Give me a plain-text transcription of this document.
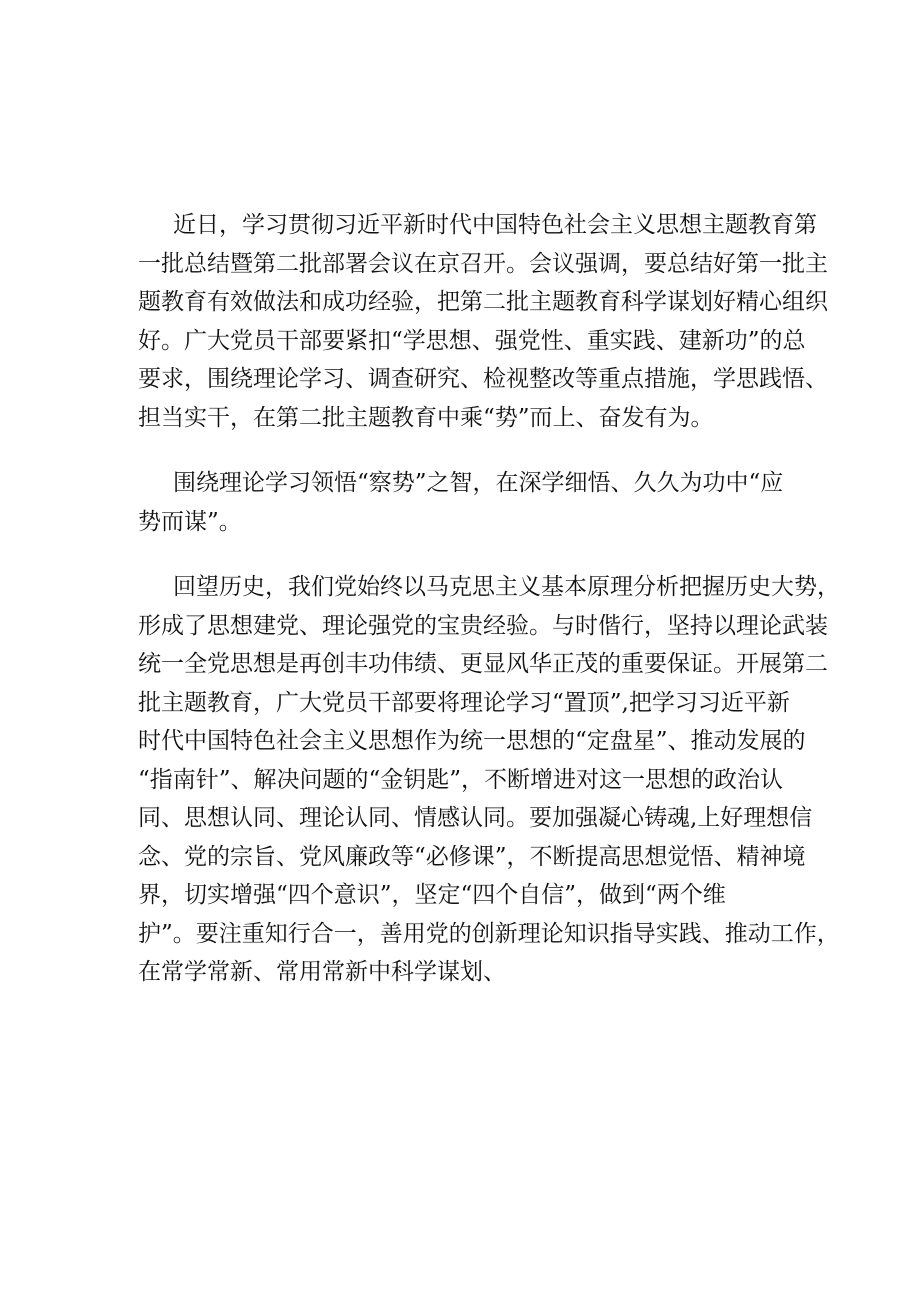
近日，学习贯彻习近平新时代中国特色社会主义思想主题教育第
一批总结暨第二批部署会议在京召开。会议强调，要总结好第一批主
题教育有效做法和成功经验，把第二批主题教育科学谋划好精心组织
好。广大党员干部要紧扣“学思想、强党性、重实践、建新功”的总
要求，围绕理论学习、调查研究、检视整改等重点措施，学思践悟、
担当实干，在第二批主题教育中乘“势”而上、奋发有为。
围绕理论学习领悟“察势”之智，在深学细悟、久久为功中“应
势而谋”。
回望历史，我们党始终以马克思主义基本原理分析把握历史大势，
形成了思想建党、理论强党的宝贵经验。与时偕行，坚持以理论武装
统一全党思想是再创丰功伟绩、更显风华正茂的重要保证。开展第二
批主题教育，广大党员干部要将理论学习“置顶”,把学习习近平新
时代中国特色社会主义思想作为统一思想的“定盘星”、推动发展的
“指南针”、解决问题的“金钥匙”，不断增进对这一思想的政治认
同、思想认同、理论认同、情感认同。要加强凝心铸魂,上好理想信
念、党的宗旨、党风廉政等“必修课”，不断提高思想觉悟、精神境
界，切实增强“四个意识”，坚定“四个自信”，做到“两个维
护”。要注重知行合一，善用党的创新理论知识指导实践、推动工作，
在常学常新、常用常新中科学谋划、
